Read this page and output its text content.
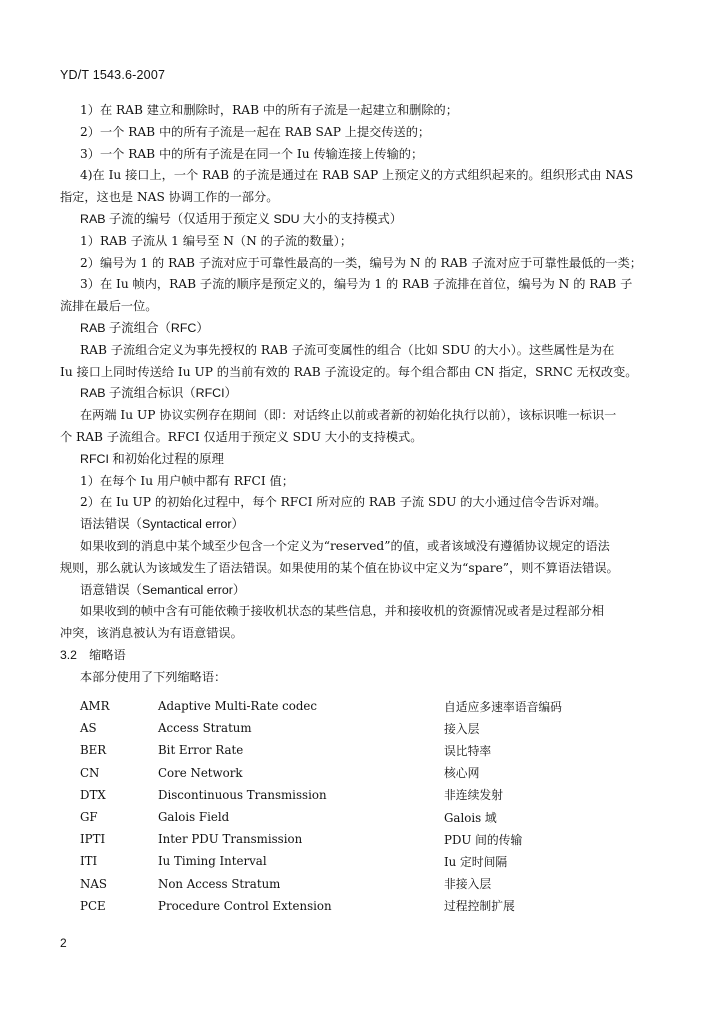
YD/T 1543.6-2007
1）在 RAB 建立和删除时，RAB 中的所有子流是一起建立和删除的；
2）一个 RAB 中的所有子流是一起在 RAB SAP 上提交传送的；
3）一个 RAB 中的所有子流是在同一个 Iu 传输连接上传输的；
4)在 Iu 接口上，一个 RAB 的子流是通过在 RAB SAP 上预定义的方式组织起来的。组织形式由 NAS
指定，这也是 NAS 协调工作的一部分。
RAB 子流的编号（仅适用于预定义 SDU 大小的支持模式）
1）RAB 子流从 1 编号至 N（N 的子流的数量）；
2）编号为 1 的 RAB 子流对应于可靠性最高的一类，编号为 N 的 RAB 子流对应于可靠性最低的一类；
3）在 Iu 帧内，RAB 子流的顺序是预定义的，编号为 1 的 RAB 子流排在首位，编号为 N 的 RAB 子
流排在最后一位。
RAB 子流组合（RFC）
RAB 子流组合定义为事先授权的 RAB 子流可变属性的组合（比如 SDU 的大小）。这些属性是为在
Iu 接口上同时传送给 Iu UP 的当前有效的 RAB 子流设定的。每个组合都由 CN 指定，SRNC 无权改变。
RAB 子流组合标识（RFCI）
在两端 Iu UP 协议实例存在期间（即：对话终止以前或者新的初始化执行以前），该标识唯一标识一
个 RAB 子流组合。RFCI 仅适用于预定义 SDU 大小的支持模式。
RFCI 和初始化过程的原理
1）在每个 Iu 用户帧中都有 RFCI 值；
2）在 Iu UP 的初始化过程中，每个 RFCI 所对应的 RAB 子流 SDU 的大小通过信令告诉对端。
语法错误（Syntactical error）
如果收到的消息中某个域至少包含一个定义为“reserved”的值，或者该域没有遵循协议规定的语法
规则，那么就认为该域发生了语法错误。如果使用的某个值在协议中定义为“spare”，则不算语法错误。
语意错误（Semantical error）
如果收到的帧中含有可能依赖于接收机状态的某些信息，并和接收机的资源情况或者是过程部分相
冲突，该消息被认为有语意错误。
3.2　缩略语
本部分使用了下列缩略语：
AMR	Adaptive Multi-Rate codec	自适应多速率语音编码
AS	Access Stratum	接入层
BER	Bit Error Rate	误比特率
CN	Core Network	核心网
DTX	Discontinuous Transmission	非连续发射
GF	Galois Field	Galois 域
IPTI	Inter PDU Transmission	PDU 间的传输
ITI	Iu Timing Interval	Iu 定时间隔
NAS	Non Access Stratum	非接入层
PCE	Procedure Control Extension	过程控制扩展
2
